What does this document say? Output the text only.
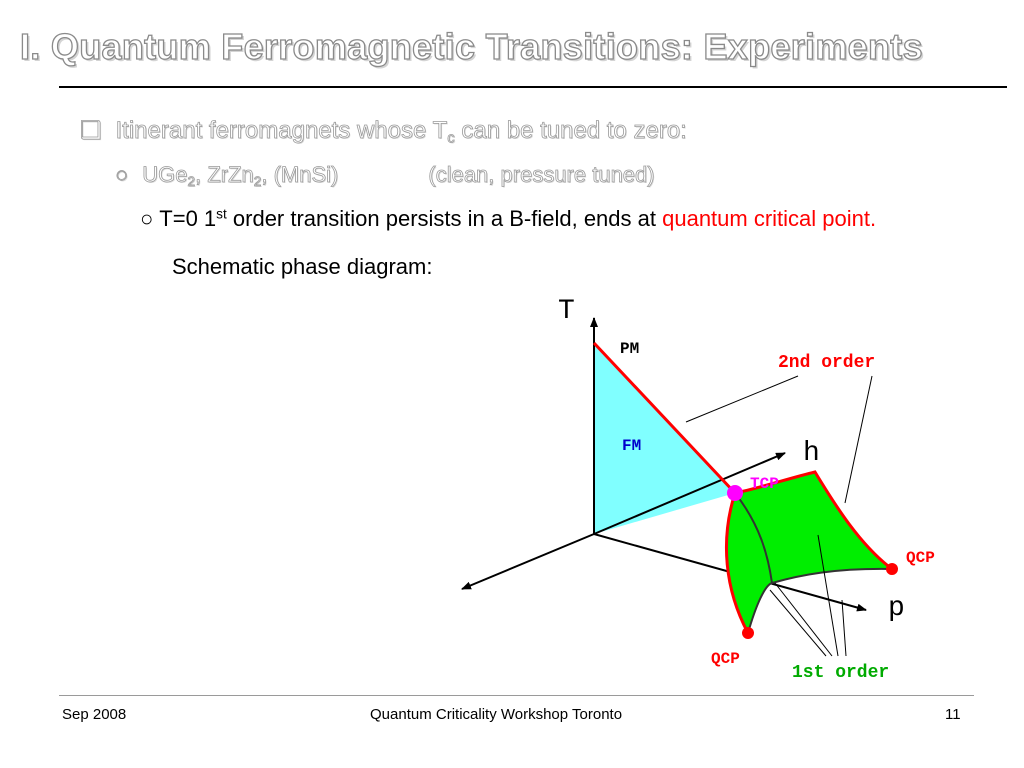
I. Quantum Ferromagnetic Transitions: Experiments
❑ Itinerant ferromagnets whose $T_c$ can be tuned to zero:
○ UGe$_2$, ZrZn$_2$, (MnSi)	(clean, pressure tuned)
○ T=0 1st order transition persists in a B-field, ends at quantum critical point.
Schematic phase diagram:
T
h
p
PM
FM
TCP
QCP
QCP
2nd order
1st order
Sep 2008	Quantum Criticality Workshop Toronto	11
